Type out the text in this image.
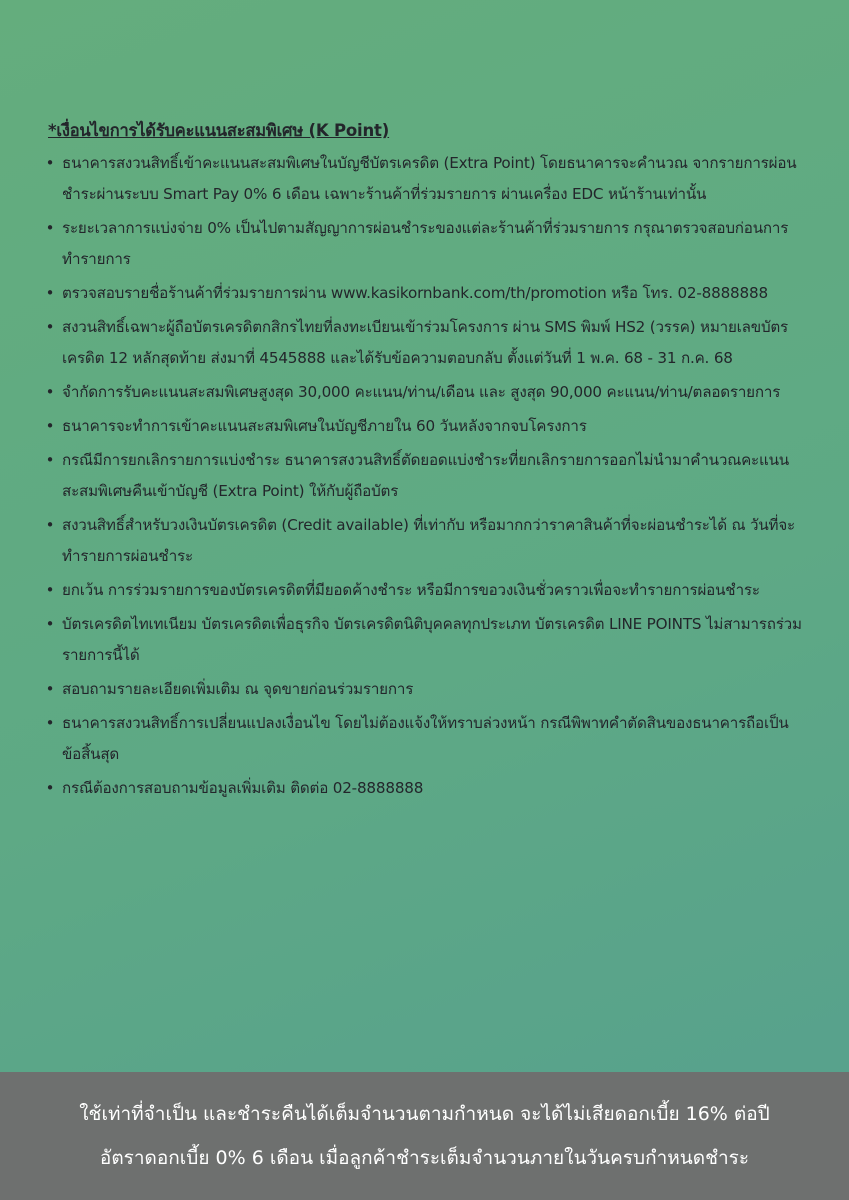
*เงื่อนไขการได้รับคะแนนสะสมพิเศษ (K Point)
• ธนาคารสงวนสิทธิ์เข้าคะแนนสะสมพิเศษในบัญชีบัตรเครดิต (Extra Point) โดยธนาคารจะคำนวณ จากรายการผ่อนชำระผ่านระบบ Smart Pay 0% 6 เดือน เฉพาะร้านค้าที่ร่วมรายการ ผ่านเครื่อง EDC หน้าร้านเท่านั้น
• ระยะเวลาการแบ่งจ่าย 0% เป็นไปตามสัญญาการผ่อนชำระของแต่ละร้านค้าที่ร่วมรายการ กรุณาตรวจสอบก่อนการทำรายการ
• ตรวจสอบรายชื่อร้านค้าที่ร่วมรายการผ่าน www.kasikornbank.com/th/promotion หรือ โทร. 02-8888888
• สงวนสิทธิ์เฉพาะผู้ถือบัตรเครดิตกสิกรไทยที่ลงทะเบียนเข้าร่วมโครงการ ผ่าน SMS พิมพ์ HS2 (วรรค) หมายเลขบัตรเครดิต 12 หลักสุดท้าย ส่งมาที่ 4545888 และได้รับข้อความตอบกลับ ตั้งแต่วันที่ 1 พ.ค. 68 - 31 ก.ค. 68
• จำกัดการรับคะแนนสะสมพิเศษสูงสุด 30,000 คะแนน/ท่าน/เดือน และ สูงสุด 90,000 คะแนน/ท่าน/ตลอดรายการ
• ธนาคารจะทำการเข้าคะแนนสะสมพิเศษในบัญชีภายใน 60 วันหลังจากจบโครงการ
• กรณีมีการยกเลิกรายการแบ่งชำระ ธนาคารสงวนสิทธิ์ตัดยอดแบ่งชำระที่ยกเลิกรายการออกไม่นำมาคำนวณคะแนนสะสมพิเศษคืนเข้าบัญชี (Extra Point) ให้กับผู้ถือบัตร
• สงวนสิทธิ์สำหรับวงเงินบัตรเครดิต (Credit available) ที่เท่ากับ หรือมากกว่าราคาสินค้าที่จะผ่อนชำระได้ ณ วันที่จะทำรายการผ่อนชำระ
• ยกเว้น การร่วมรายการของบัตรเครดิตที่มียอดค้างชำระ หรือมีการขอวงเงินชั่วคราวเพื่อจะทำรายการผ่อนชำระ
• บัตรเครดิตไทเทเนียม บัตรเครดิตเพื่อธุรกิจ บัตรเครดิตนิติบุคคลทุกประเภท บัตรเครดิต LINE POINTS ไม่สามารถร่วมรายการนี้ได้
• สอบถามรายละเอียดเพิ่มเติม ณ จุดขายก่อนร่วมรายการ
• ธนาคารสงวนสิทธิ์การเปลี่ยนแปลงเงื่อนไข โดยไม่ต้องแจ้งให้ทราบล่วงหน้า กรณีพิพาทคำตัดสินของธนาคารถือเป็นข้อสิ้นสุด
• กรณีต้องการสอบถามข้อมูลเพิ่มเติม ติดต่อ 02-8888888
ใช้เท่าที่จำเป็น และชำระคืนได้เต็มจำนวนตามกำหนด จะได้ไม่เสียดอกเบี้ย 16% ต่อปี
อัตราดอกเบี้ย 0% 6 เดือน เมื่อลูกค้าชำระเต็มจำนวนภายในวันครบกำหนดชำระ
